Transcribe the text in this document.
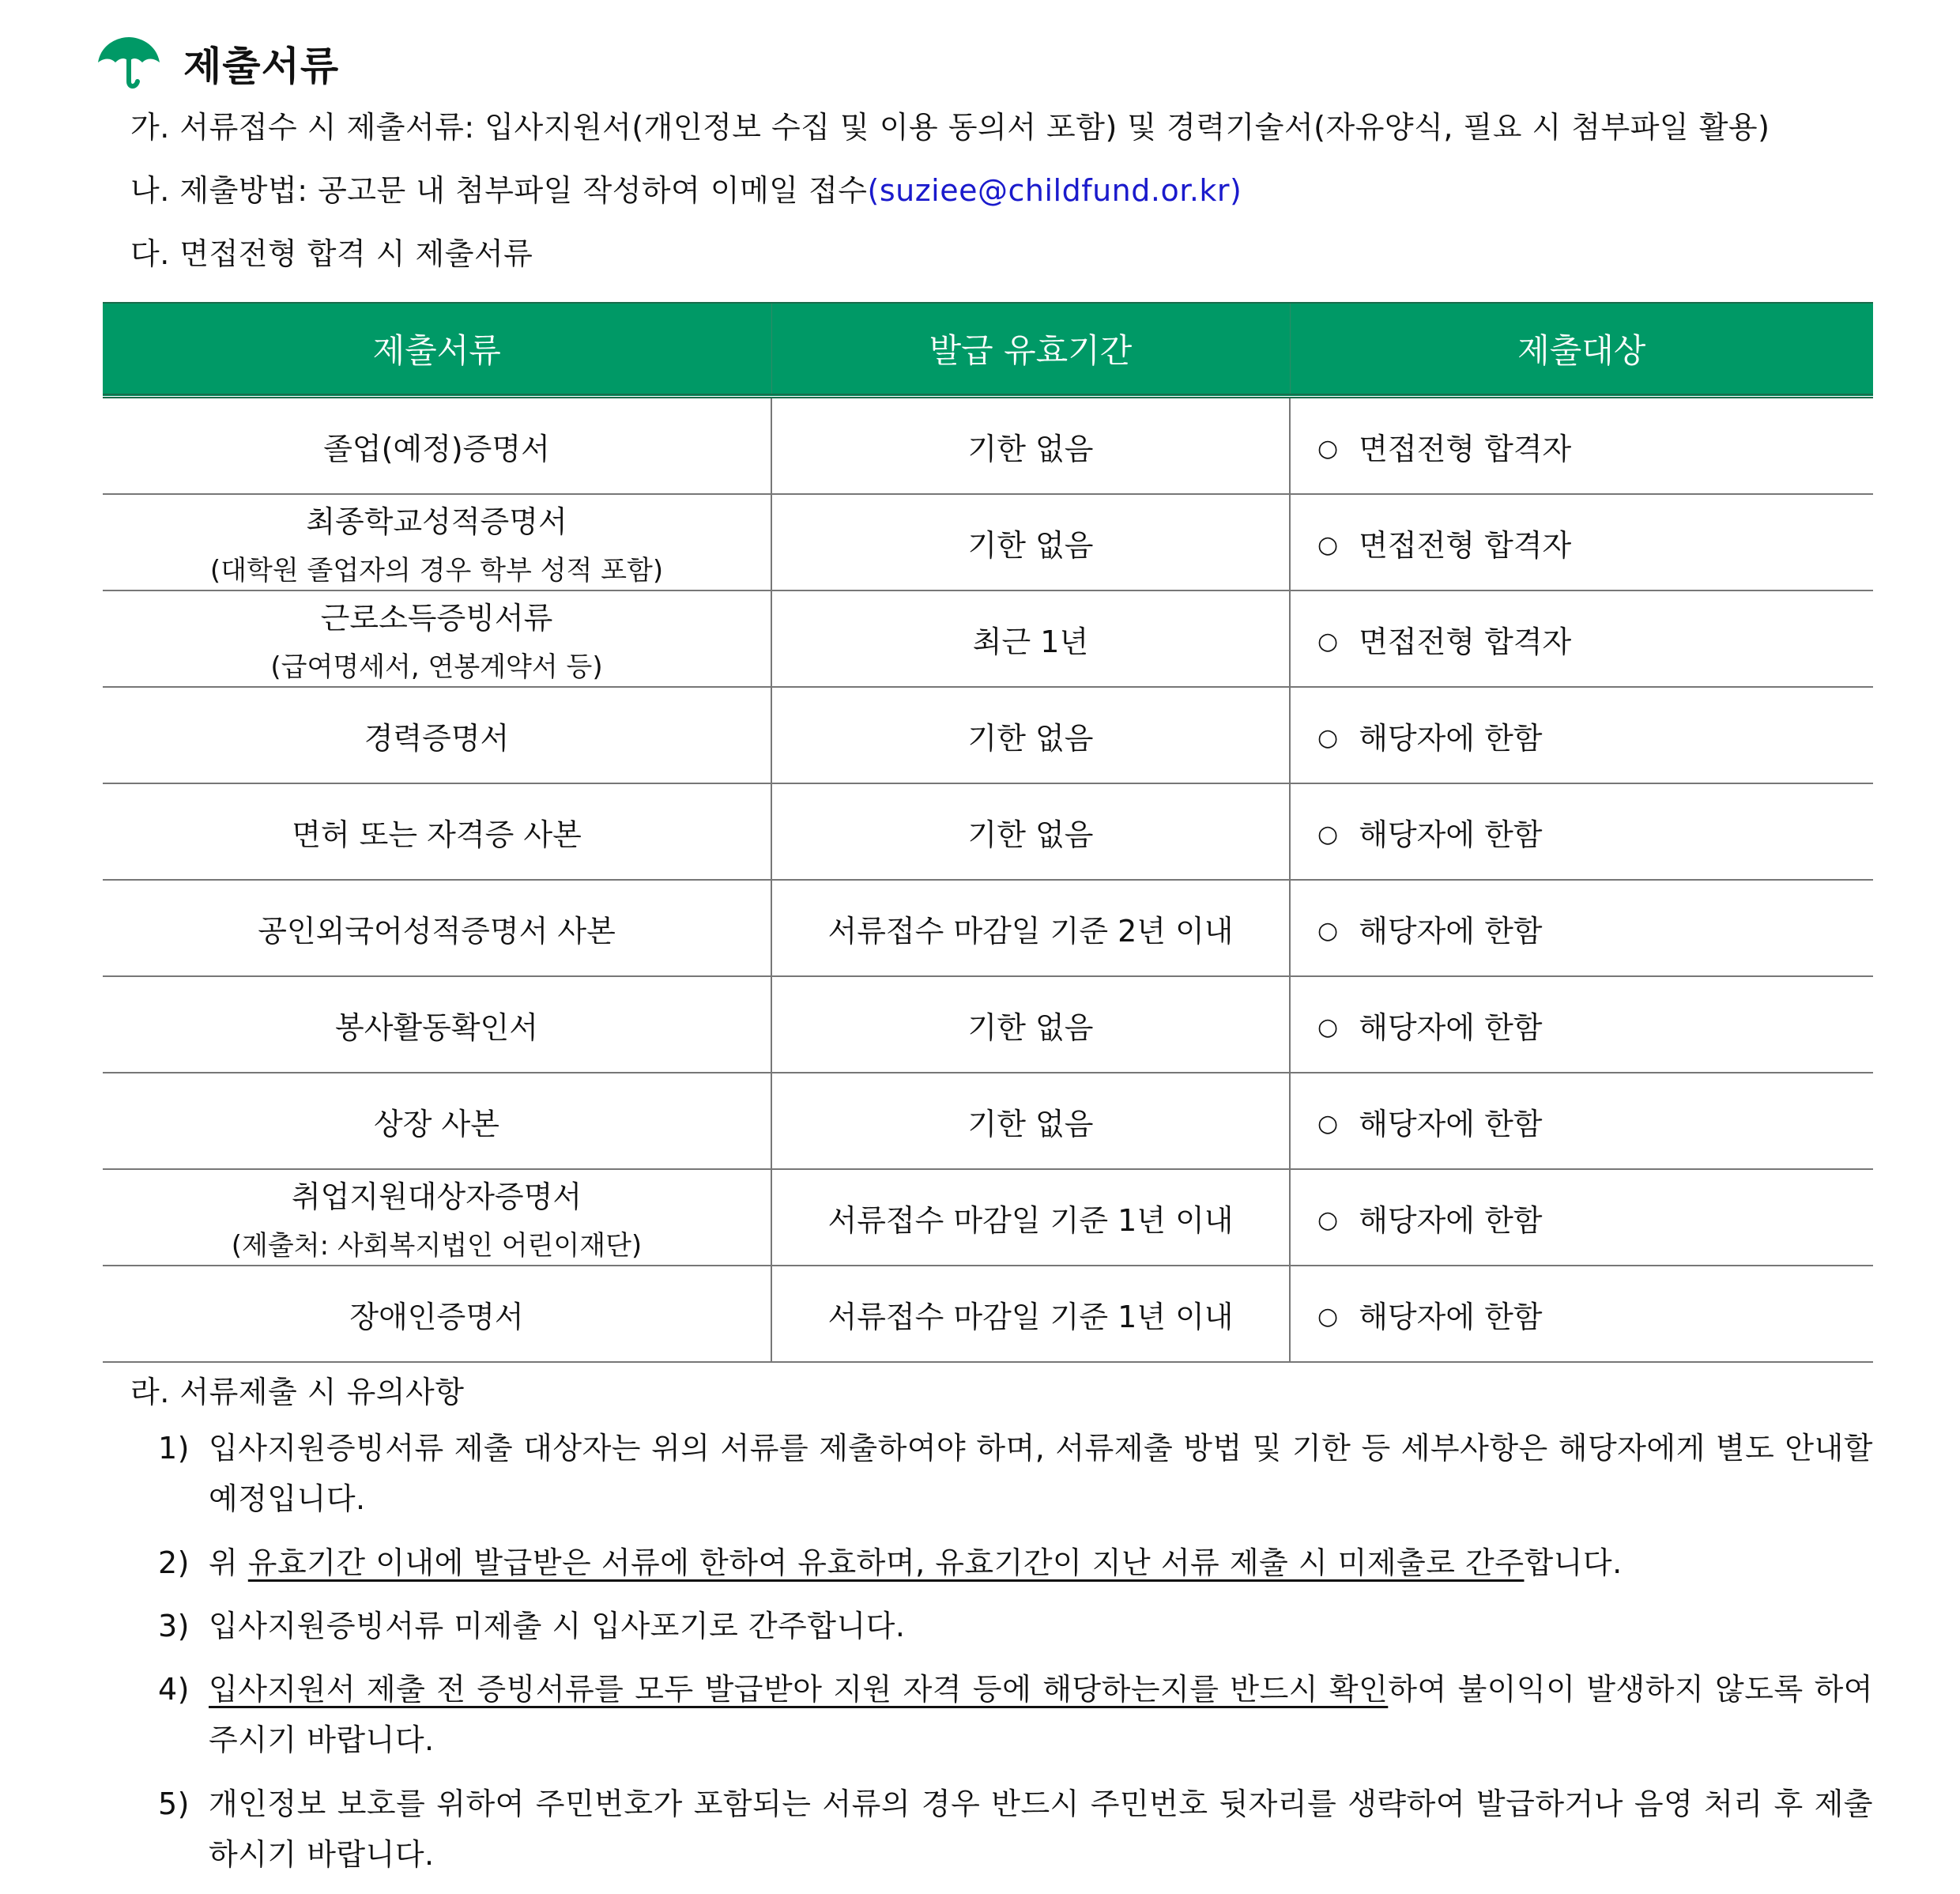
제출서류
가. 서류접수 시 제출서류: 입사지원서(개인정보 수집 및 이용 동의서 포함) 및 경력기술서(자유양식, 필요 시 첨부파일 활용)
나. 제출방법: 공고문 내 첨부파일 작성하여 이메일 접수(suziee@childfund.or.kr)
다. 면접전형 합격 시 제출서류
제출서류	발급 유효기간	제출대상
졸업(예정)증명서	기한 없음	○ 면접전형 합격자
최종학교성적증명서
(대학원 졸업자의 경우 학부 성적 포함)	기한 없음	○ 면접전형 합격자
근로소득증빙서류
(급여명세서, 연봉계약서 등)	최근 1년	○ 면접전형 합격자
경력증명서	기한 없음	○ 해당자에 한함
면허 또는 자격증 사본	기한 없음	○ 해당자에 한함
공인외국어성적증명서 사본	서류접수 마감일 기준 2년 이내	○ 해당자에 한함
봉사활동확인서	기한 없음	○ 해당자에 한함
상장 사본	기한 없음	○ 해당자에 한함
취업지원대상자증명서
(제출처: 사회복지법인 어린이재단)	서류접수 마감일 기준 1년 이내	○ 해당자에 한함
장애인증명서	서류접수 마감일 기준 1년 이내	○ 해당자에 한함
라. 서류제출 시 유의사항
1) 입사지원증빙서류 제출 대상자는 위의 서류를 제출하여야 하며, 서류제출 방법 및 기한 등 세부사항은 해당자에게 별도 안내할 예정입니다.
2) 위 유효기간 이내에 발급받은 서류에 한하여 유효하며, 유효기간이 지난 서류 제출 시 미제출로 간주합니다.
3) 입사지원증빙서류 미제출 시 입사포기로 간주합니다.
4) 입사지원서 제출 전 증빙서류를 모두 발급받아 지원 자격 등에 해당하는지를 반드시 확인하여 불이익이 발생하지 않도록 하여 주시기 바랍니다.
5) 개인정보 보호를 위하여 주민번호가 포함되는 서류의 경우 반드시 주민번호 뒷자리를 생략하여 발급하거나 음영 처리 후 제출하시기 바랍니다.
